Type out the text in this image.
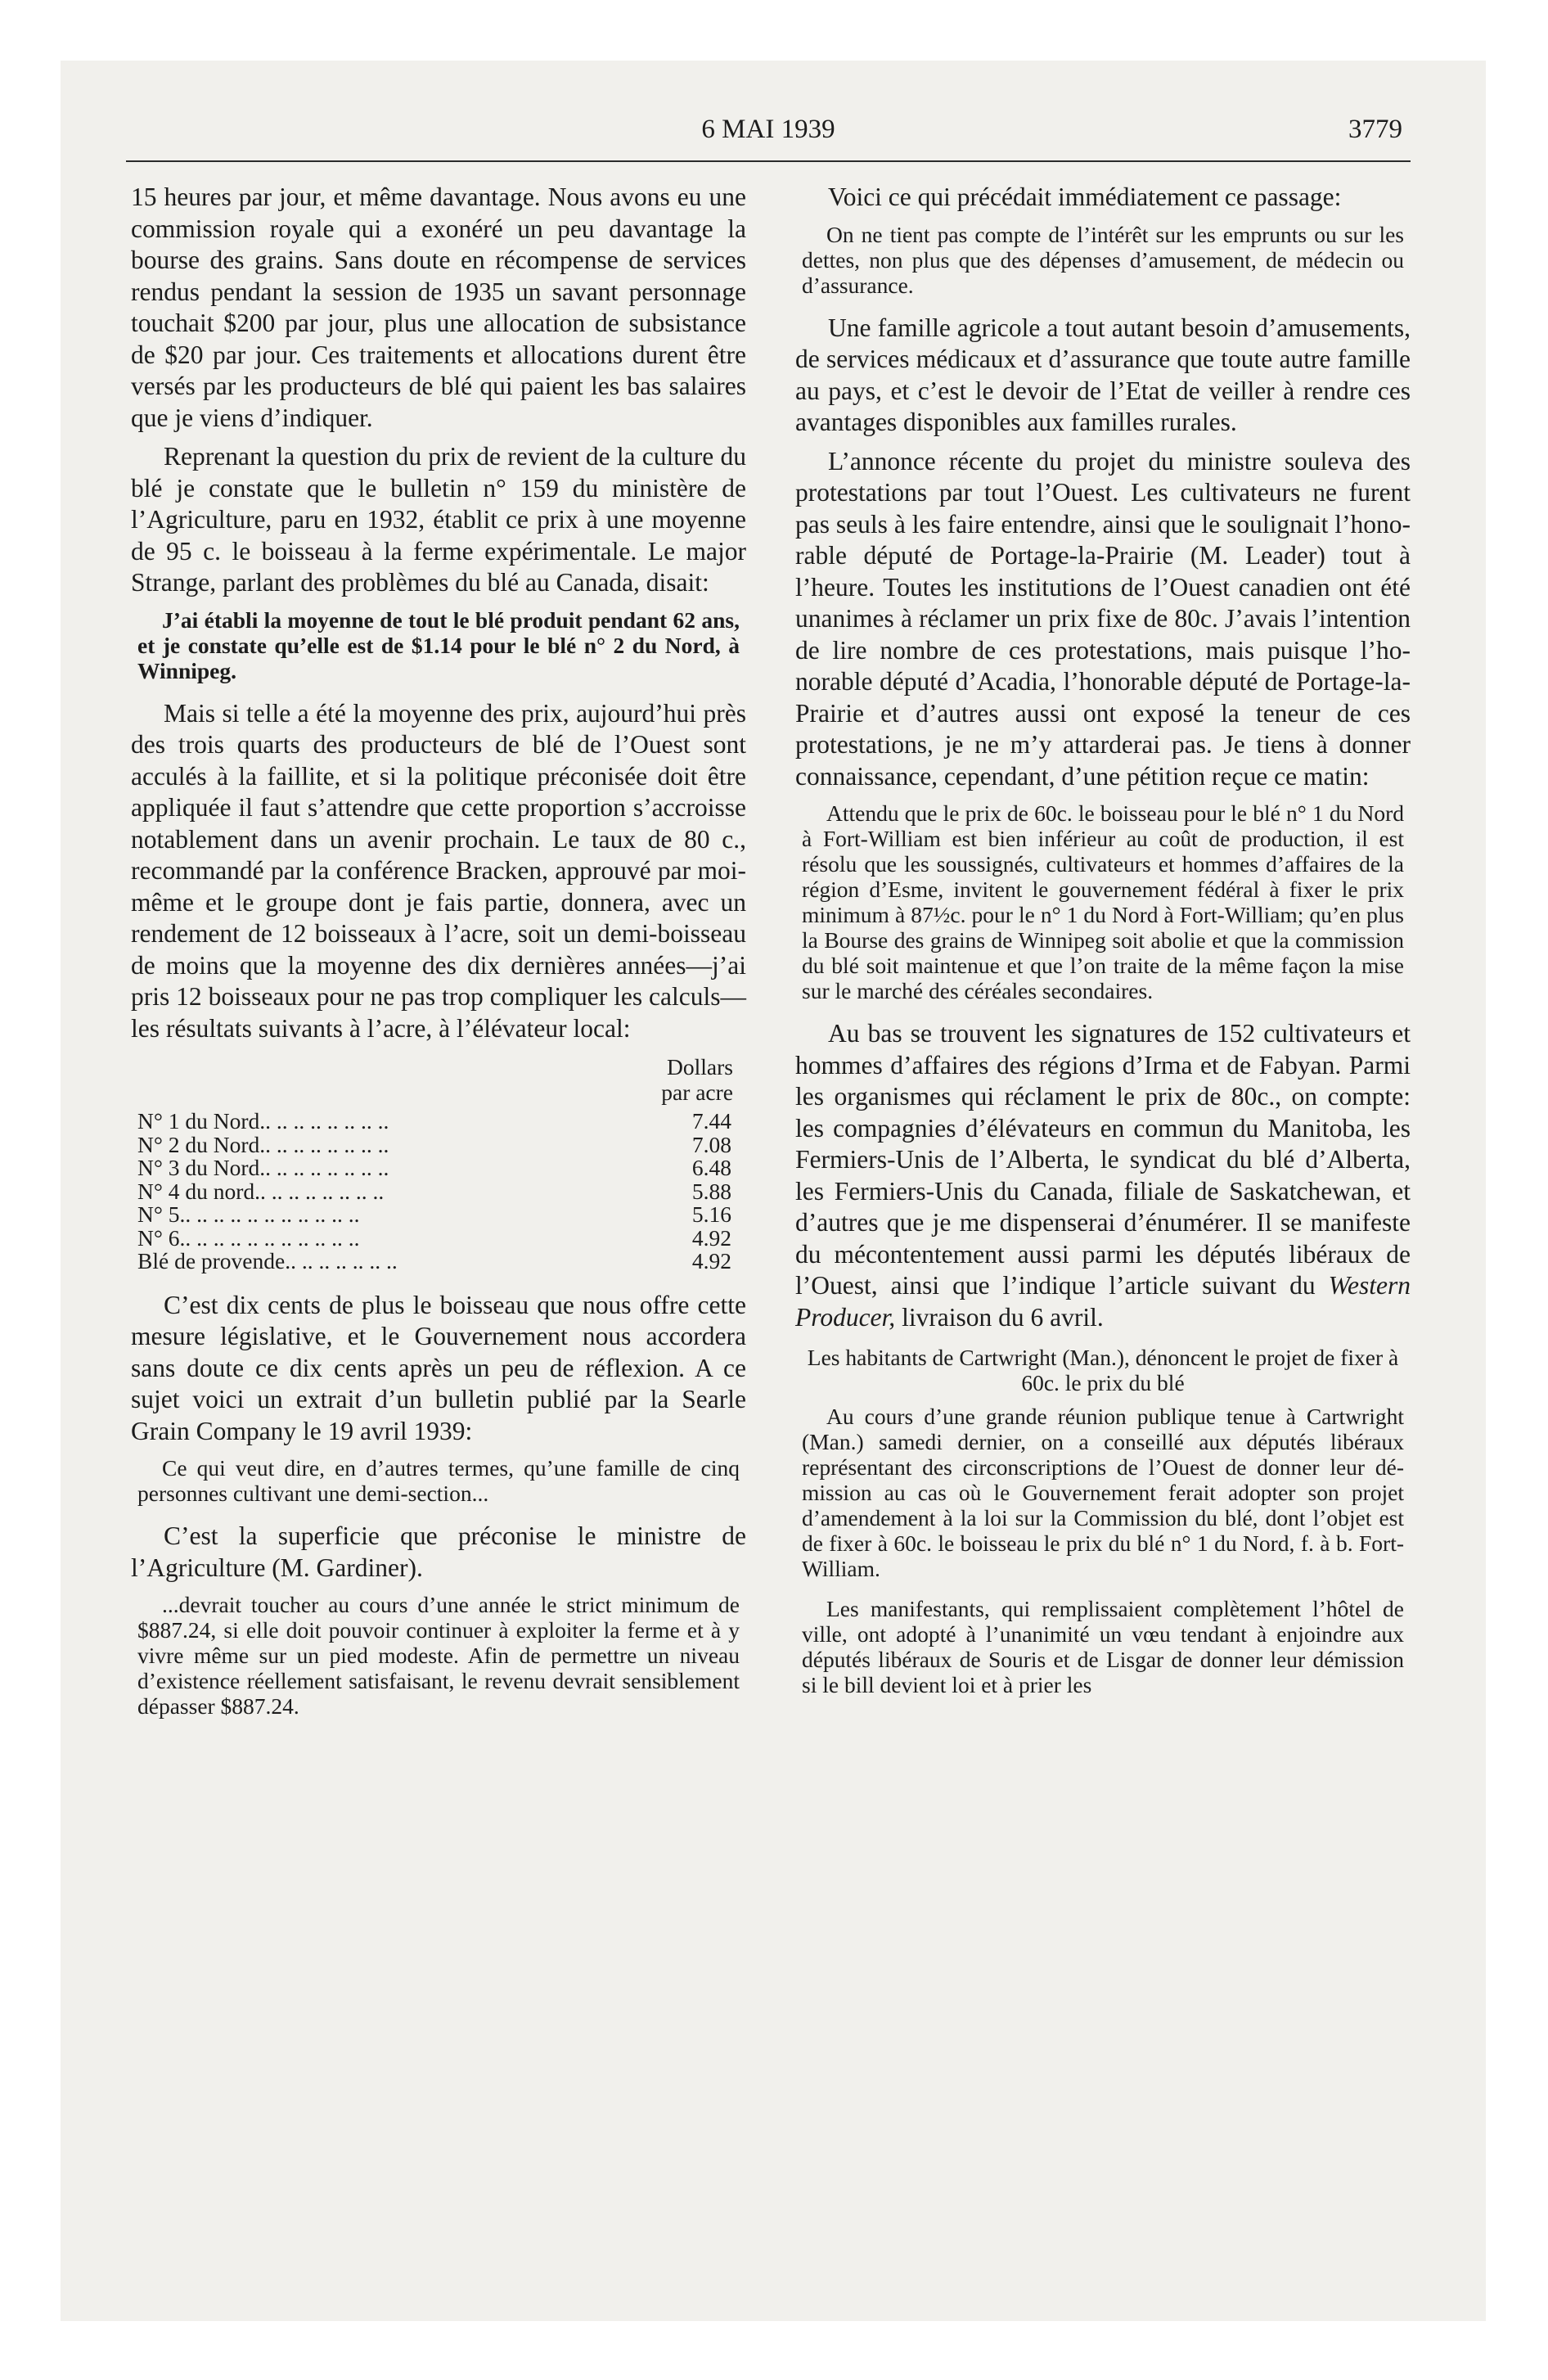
6 MAI 1939	3779

15 heures par jour, et même davantage. Nous avons eu une commission royale qui a exonéré un peu davantage la bourse des grains. Sans doute en récompense de services rendus pendant la session de 1935 un savant personnage touchait $200 par jour, plus une allocation de subsistance de $20 par jour. Ces traitements et allocations durent être versés par les producteurs de blé qui paient les bas salaires que je viens d’indiquer.

Reprenant la question du prix de revient de la culture du blé je constate que le bulletin n° 159 du ministère de l’Agriculture, paru en 1932, établit ce prix à une moyenne de 95 c. le boisseau à la ferme expérimentale. Le major Strange, parlant des problèmes du blé au Canada, disait:

J’ai établi la moyenne de tout le blé produit pendant 62 ans, et je constate qu’elle est de $1.14 pour le blé n° 2 du Nord, à Winnipeg.

Mais si telle a été la moyenne des prix, aujourd’hui près des trois quarts des producteurs de blé de l’Ouest sont acculés à la faillite, et si la politique préconisée doit être appliquée il faut s’attendre que cette proportion s’accroisse notablement dans un avenir prochain. Le taux de 80 c., recommandé par la conférence Bracken, approuvé par moi-même et le groupe dont je fais partie, donnera, avec un rendement de 12 boisseaux à l’acre, soit un demi-boisseau de moins que la moyenne des dix dernières années—j’ai pris 12 boisseaux pour ne pas trop compliquer les calculs—les résultats suivants à l’acre, à l’élévateur local:

Dollars
par acre
N° 1 du Nord.. .. .. .. .. .. .. ..	7.44
N° 2 du Nord.. .. .. .. .. .. .. ..	7.08
N° 3 du Nord.. .. .. .. .. .. .. ..	6.48
N° 4 du nord.. .. .. .. .. .. .. ..	5.88
N° 5.. .. .. .. .. .. .. .. .. .. ..	5.16
N° 6.. .. .. .. .. .. .. .. .. .. ..	4.92
Blé de provende.. .. .. .. .. .. ..	4.92

C’est dix cents de plus le boisseau que nous offre cette mesure législative, et le Gouvernement nous accordera sans doute ce dix cents après un peu de réflexion. A ce sujet voici un extrait d’un bulletin publié par la Searle Grain Company le 19 avril 1939:

Ce qui veut dire, en d’autres termes, qu’une famille de cinq personnes cultivant une demi-section...

C’est la superficie que préconise le ministre de l’Agriculture (M. Gardiner).

...devrait toucher au cours d’une année le strict minimum de $887.24, si elle doit pouvoir continuer à exploiter la ferme et à y vivre même sur un pied modeste. Afin de permettre un niveau d’existence réellement satisfaisant, le revenu devrait sensiblement dépasser $887.24.

Voici ce qui précédait immédiatement ce passage:

On ne tient pas compte de l’intérêt sur les emprunts ou sur les dettes, non plus que des dépenses d’amusement, de médecin ou d’assurance.

Une famille agricole a tout autant besoin d’amusements, de services médicaux et d’assurance que toute autre famille au pays, et c’est le devoir de l’Etat de veiller à rendre ces avantages disponibles aux familles rurales.

L’annonce récente du projet du ministre souleva des protestations par tout l’Ouest. Les cultivateurs ne furent pas seuls à les faire entendre, ainsi que le soulignait l’honorable député de Portage-la-Prairie (M. Leader) tout à l’heure. Toutes les institutions de l’Ouest canadien ont été unanimes à réclamer un prix fixe de 80c. J’avais l’intention de lire nombre de ces protestations, mais puisque l’honorable député d’Acadia, l’honorable député de Portage-la-Prairie et d’autres aussi ont exposé la teneur de ces protestations, je ne m’y attarderai pas. Je tiens à donner connaissance, cependant, d’une pétition reçue ce matin:

Attendu que le prix de 60c. le boisseau pour le blé n° 1 du Nord à Fort-William est bien inférieur au coût de production, il est résolu que les soussignés, cultivateurs et hommes d’affaires de la région d’Esme, invitent le gouvernement fédéral à fixer le prix minimum à 87½c. pour le n° 1 du Nord à Fort-William; qu’en plus la Bourse des grains de Winnipeg soit abolie et que la commission du blé soit maintenue et que l’on traite de la même façon la mise sur le marché des céréales secondaires.

Au bas se trouvent les signatures de 152 cultivateurs et hommes d’affaires des régions d’Irma et de Fabyan. Parmi les organismes qui réclament le prix de 80c., on compte: les compagnies d’élévateurs en commun du Manitoba, les Fermiers-Unis de l’Alberta, le syndicat du blé d’Alberta, les Fermiers-Unis du Canada, filiale de Saskatchewan, et d’autres que je me dispenserai d’énumérer. Il se manifeste du mécontentement aussi parmi les députés libéraux de l’Ouest, ainsi que l’indique l’article suivant du Western Producer, livraison du 6 avril.

Les habitants de Cartwright (Man.), dénoncent le projet de fixer à 60c. le prix du blé
Au cours d’une grande réunion publique tenue à Cartwright (Man.) samedi dernier, on a conseillé aux députés libéraux représentant des circonscriptions de l’Ouest de donner leur démission au cas où le Gouvernement ferait adopter son projet d’amendement à la loi sur la Commission du blé, dont l’objet est de fixer à 60c. le boisseau le prix du blé n° 1 du Nord, f. à b. Fort-William.
Les manifestants, qui remplissaient complètement l’hôtel de ville, ont adopté à l’unanimité un vœu tendant à enjoindre aux députés libéraux de Souris et de Lisgar de donner leur démission si le bill devient loi et à prier les
